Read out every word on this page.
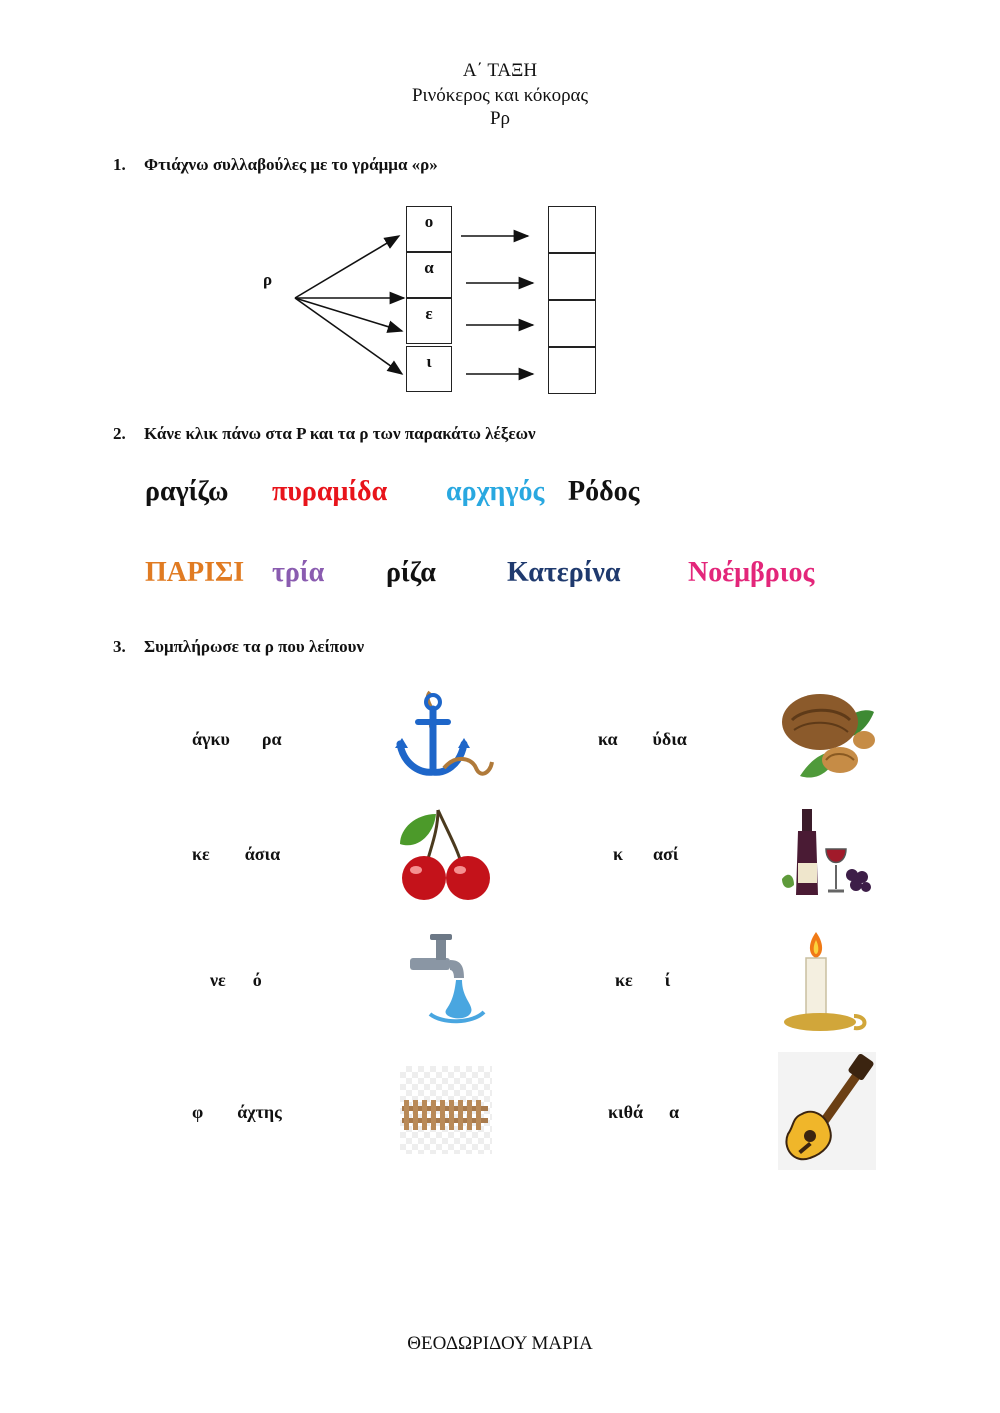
Α΄ ΤΑΞΗ
Ρινόκερος και κόκορας
Ρρ
1. Φτιάχνω συλλαβούλες με το γράμμα «ρ»
ρ
ο
α
ε
ι
2. Κάνε κλικ πάνω στα Ρ και τα ρ των παρακάτω λέξεων
ραγίζω πυραμίδα αρχηγός Ρόδος
ΠΑΡΙΣΙ τρία ρίζα	Κατερίνα Νοέμβριος
3. Συμπλήρωσε τα ρ που λείπουν
άγκυ ρα	κα ύδια
κε άσια	κ ασί
νε ό	κε ί
φ άχτης	κιθά α
ΘΕΟΔΩΡΙΔΟΥ ΜΑΡΙΑ
